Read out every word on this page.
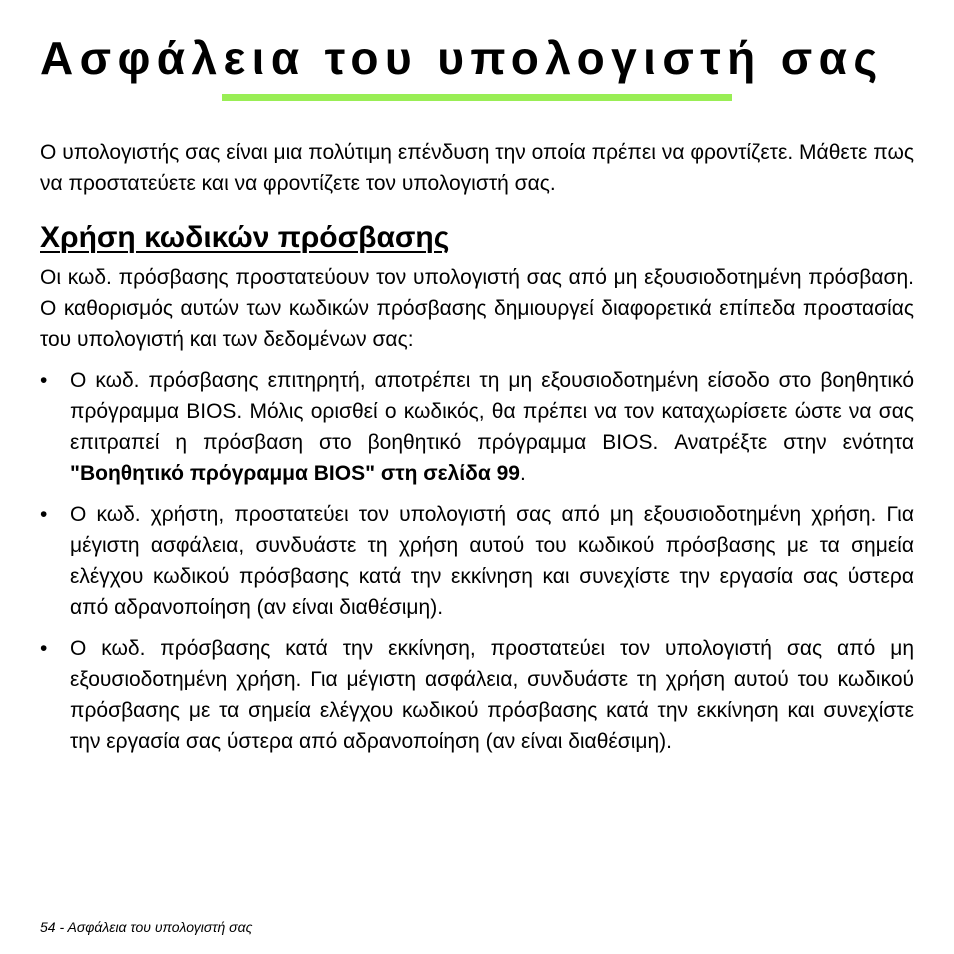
Ασφάλεια του υπολογιστή σας

Ο υπολογιστής σας είναι μια πολύτιμη επένδυση την οποία πρέπει να φροντίζετε. Μάθετε πως να προστατεύετε και να φροντίζετε τον υπολογιστή σας.

Χρήση κωδικών πρόσβασης

Οι κωδ. πρόσβασης προστατεύουν τον υπολογιστή σας από μη εξουσιοδοτημένη πρόσβαση. Ο καθορισμός αυτών των κωδικών πρόσβασης δημιουργεί διαφορετικά επίπεδα προστασίας του υπολογιστή και των δεδομένων σας:

• Ο κωδ. πρόσβασης επιτηρητή, αποτρέπει τη μη εξουσιοδοτημένη είσοδο στο βοηθητικό πρόγραμμα BIOS. Μόλις ορισθεί ο κωδικός, θα πρέπει να τον καταχωρίσετε ώστε να σας επιτραπεί η πρόσβαση στο βοηθητικό πρόγραμμα BIOS. Ανατρέξτε στην ενότητα "Βοηθητικό πρόγραμμα BIOS" στη σελίδα 99.
• Ο κωδ. χρήστη, προστατεύει τον υπολογιστή σας από μη εξουσιοδοτημένη χρήση. Για μέγιστη ασφάλεια, συνδυάστε τη χρήση αυτού του κωδικού πρόσβασης με τα σημεία ελέγχου κωδικού πρόσβασης κατά την εκκίνηση και συνεχίστε την εργασία σας ύστερα από αδρανοποίηση (αν είναι διαθέσιμη).
• Ο κωδ. πρόσβασης κατά την εκκίνηση, προστατεύει τον υπολογιστή σας από μη εξουσιοδοτημένη χρήση. Για μέγιστη ασφάλεια, συνδυάστε τη χρήση αυτού του κωδικού πρόσβασης με τα σημεία ελέγχου κωδικού πρόσβασης κατά την εκκίνηση και συνεχίστε την εργασία σας ύστερα από αδρανοποίηση (αν είναι διαθέσιμη).
54 - Ασφάλεια του υπολογιστή σας
